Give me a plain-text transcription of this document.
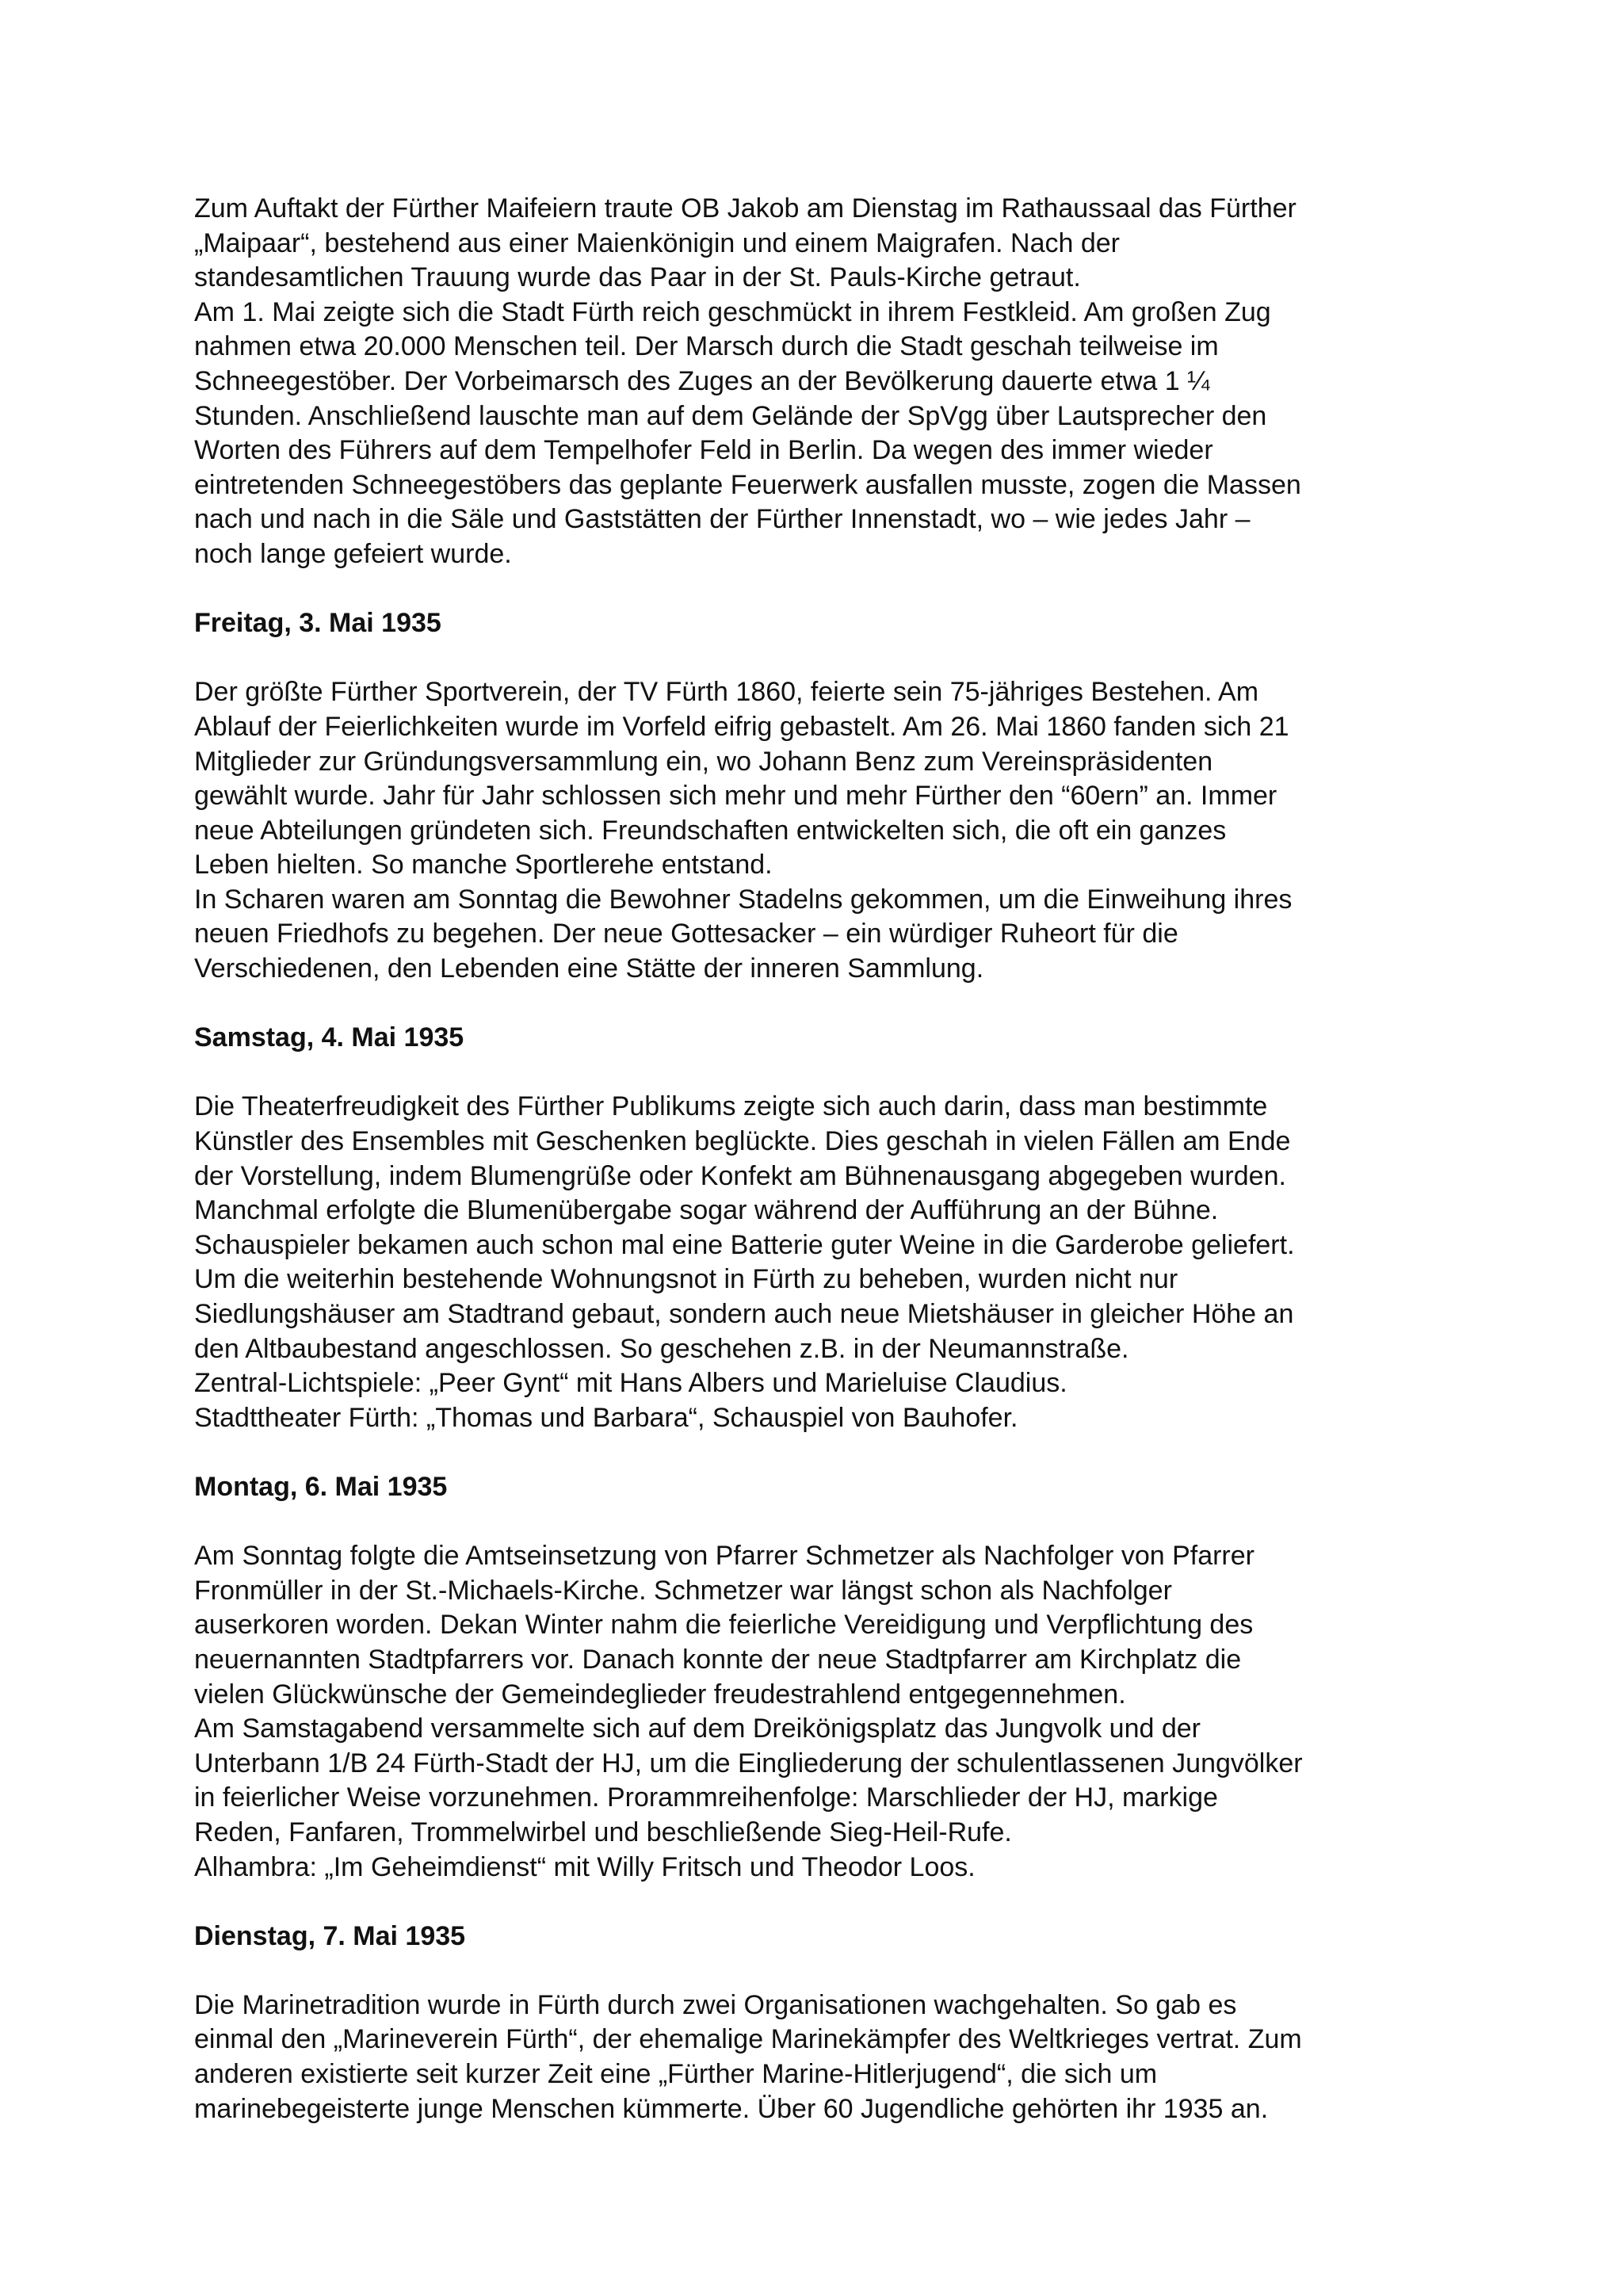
Zum Auftakt der Fürther Maifeiern traute OB Jakob am Dienstag im Rathaussaal das Fürther
„Maipaar“, bestehend aus einer Maienkönigin und einem Maigrafen. Nach der
standesamtlichen Trauung wurde das Paar in der St. Pauls-Kirche getraut.

Am 1. Mai zeigte sich die Stadt Fürth reich geschmückt in ihrem Festkleid. Am großen Zug
nahmen etwa 20.000 Menschen teil. Der Marsch durch die Stadt geschah teilweise im
Schneegestöber. Der Vorbeimarsch des Zuges an der Bevölkerung dauerte etwa 1 ¼
Stunden. Anschließend lauschte man auf dem Gelände der SpVgg über Lautsprecher den
Worten des Führers auf dem Tempelhofer Feld in Berlin. Da wegen des immer wieder
eintretenden Schneegestöbers das geplante Feuerwerk ausfallen musste, zogen die Massen
nach und nach in die Säle und Gaststätten der Fürther Innenstadt, wo – wie jedes Jahr –
noch lange gefeiert wurde.

Freitag, 3. Mai 1935

Der größte Fürther Sportverein, der TV Fürth 1860, feierte sein 75-jähriges Bestehen. Am
Ablauf der Feierlichkeiten wurde im Vorfeld eifrig gebastelt. Am 26. Mai 1860 fanden sich 21
Mitglieder zur Gründungsversammlung ein, wo Johann Benz zum Vereinspräsidenten
gewählt wurde. Jahr für Jahr schlossen sich mehr und mehr Fürther den “60ern” an. Immer
neue Abteilungen gründeten sich. Freundschaften entwickelten sich, die oft ein ganzes
Leben hielten. So manche Sportlerehe entstand.

In Scharen waren am Sonntag die Bewohner Stadelns gekommen, um die Einweihung ihres
neuen Friedhofs zu begehen. Der neue Gottesacker – ein würdiger Ruheort für die
Verschiedenen, den Lebenden eine Stätte der inneren Sammlung.

Samstag, 4. Mai 1935

Die Theaterfreudigkeit des Fürther Publikums zeigte sich auch darin, dass man bestimmte
Künstler des Ensembles mit Geschenken beglückte. Dies geschah in vielen Fällen am Ende
der Vorstellung, indem Blumengrüße oder Konfekt am Bühnenausgang abgegeben wurden.
Manchmal erfolgte die Blumenübergabe sogar während der Aufführung an der Bühne.
Schauspieler bekamen auch schon mal eine Batterie guter Weine in die Garderobe geliefert.

Um die weiterhin bestehende Wohnungsnot in Fürth zu beheben, wurden nicht nur
Siedlungshäuser am Stadtrand gebaut, sondern auch neue Mietshäuser in gleicher Höhe an
den Altbaubestand angeschlossen. So geschehen z.B. in der Neumannstraße.

Zentral-Lichtspiele: „Peer Gynt“ mit Hans Albers und Marieluise Claudius.

Stadttheater Fürth: „Thomas und Barbara“, Schauspiel von Bauhofer.

Montag, 6. Mai 1935

Am Sonntag folgte die Amtseinsetzung von Pfarrer Schmetzer als Nachfolger von Pfarrer
Fronmüller in der St.-Michaels-Kirche. Schmetzer war längst schon als Nachfolger
auserkoren worden. Dekan Winter nahm die feierliche Vereidigung und Verpflichtung des
neuernannten Stadtpfarrers vor. Danach konnte der neue Stadtpfarrer am Kirchplatz die
vielen Glückwünsche der Gemeindeglieder freudestrahlend entgegennehmen.

Am Samstagabend versammelte sich auf dem Dreikönigsplatz das Jungvolk und der
Unterbann 1/B 24 Fürth-Stadt der HJ, um die Eingliederung der schulentlassenen Jungvölker
in feierlicher Weise vorzunehmen. Prorammreihenfolge: Marschlieder der HJ, markige
Reden, Fanfaren, Trommelwirbel und beschließende Sieg-Heil-Rufe.

Alhambra: „Im Geheimdienst“ mit Willy Fritsch und Theodor Loos.

Dienstag, 7. Mai 1935

Die Marinetradition wurde in Fürth durch zwei Organisationen wachgehalten. So gab es
einmal den „Marineverein Fürth“, der ehemalige Marinekämpfer des Weltkrieges vertrat. Zum
anderen existierte seit kurzer Zeit eine „Fürther Marine-Hitlerjugend“, die sich um
marinebegeisterte junge Menschen kümmerte. Über 60 Jugendliche gehörten ihr 1935 an.
